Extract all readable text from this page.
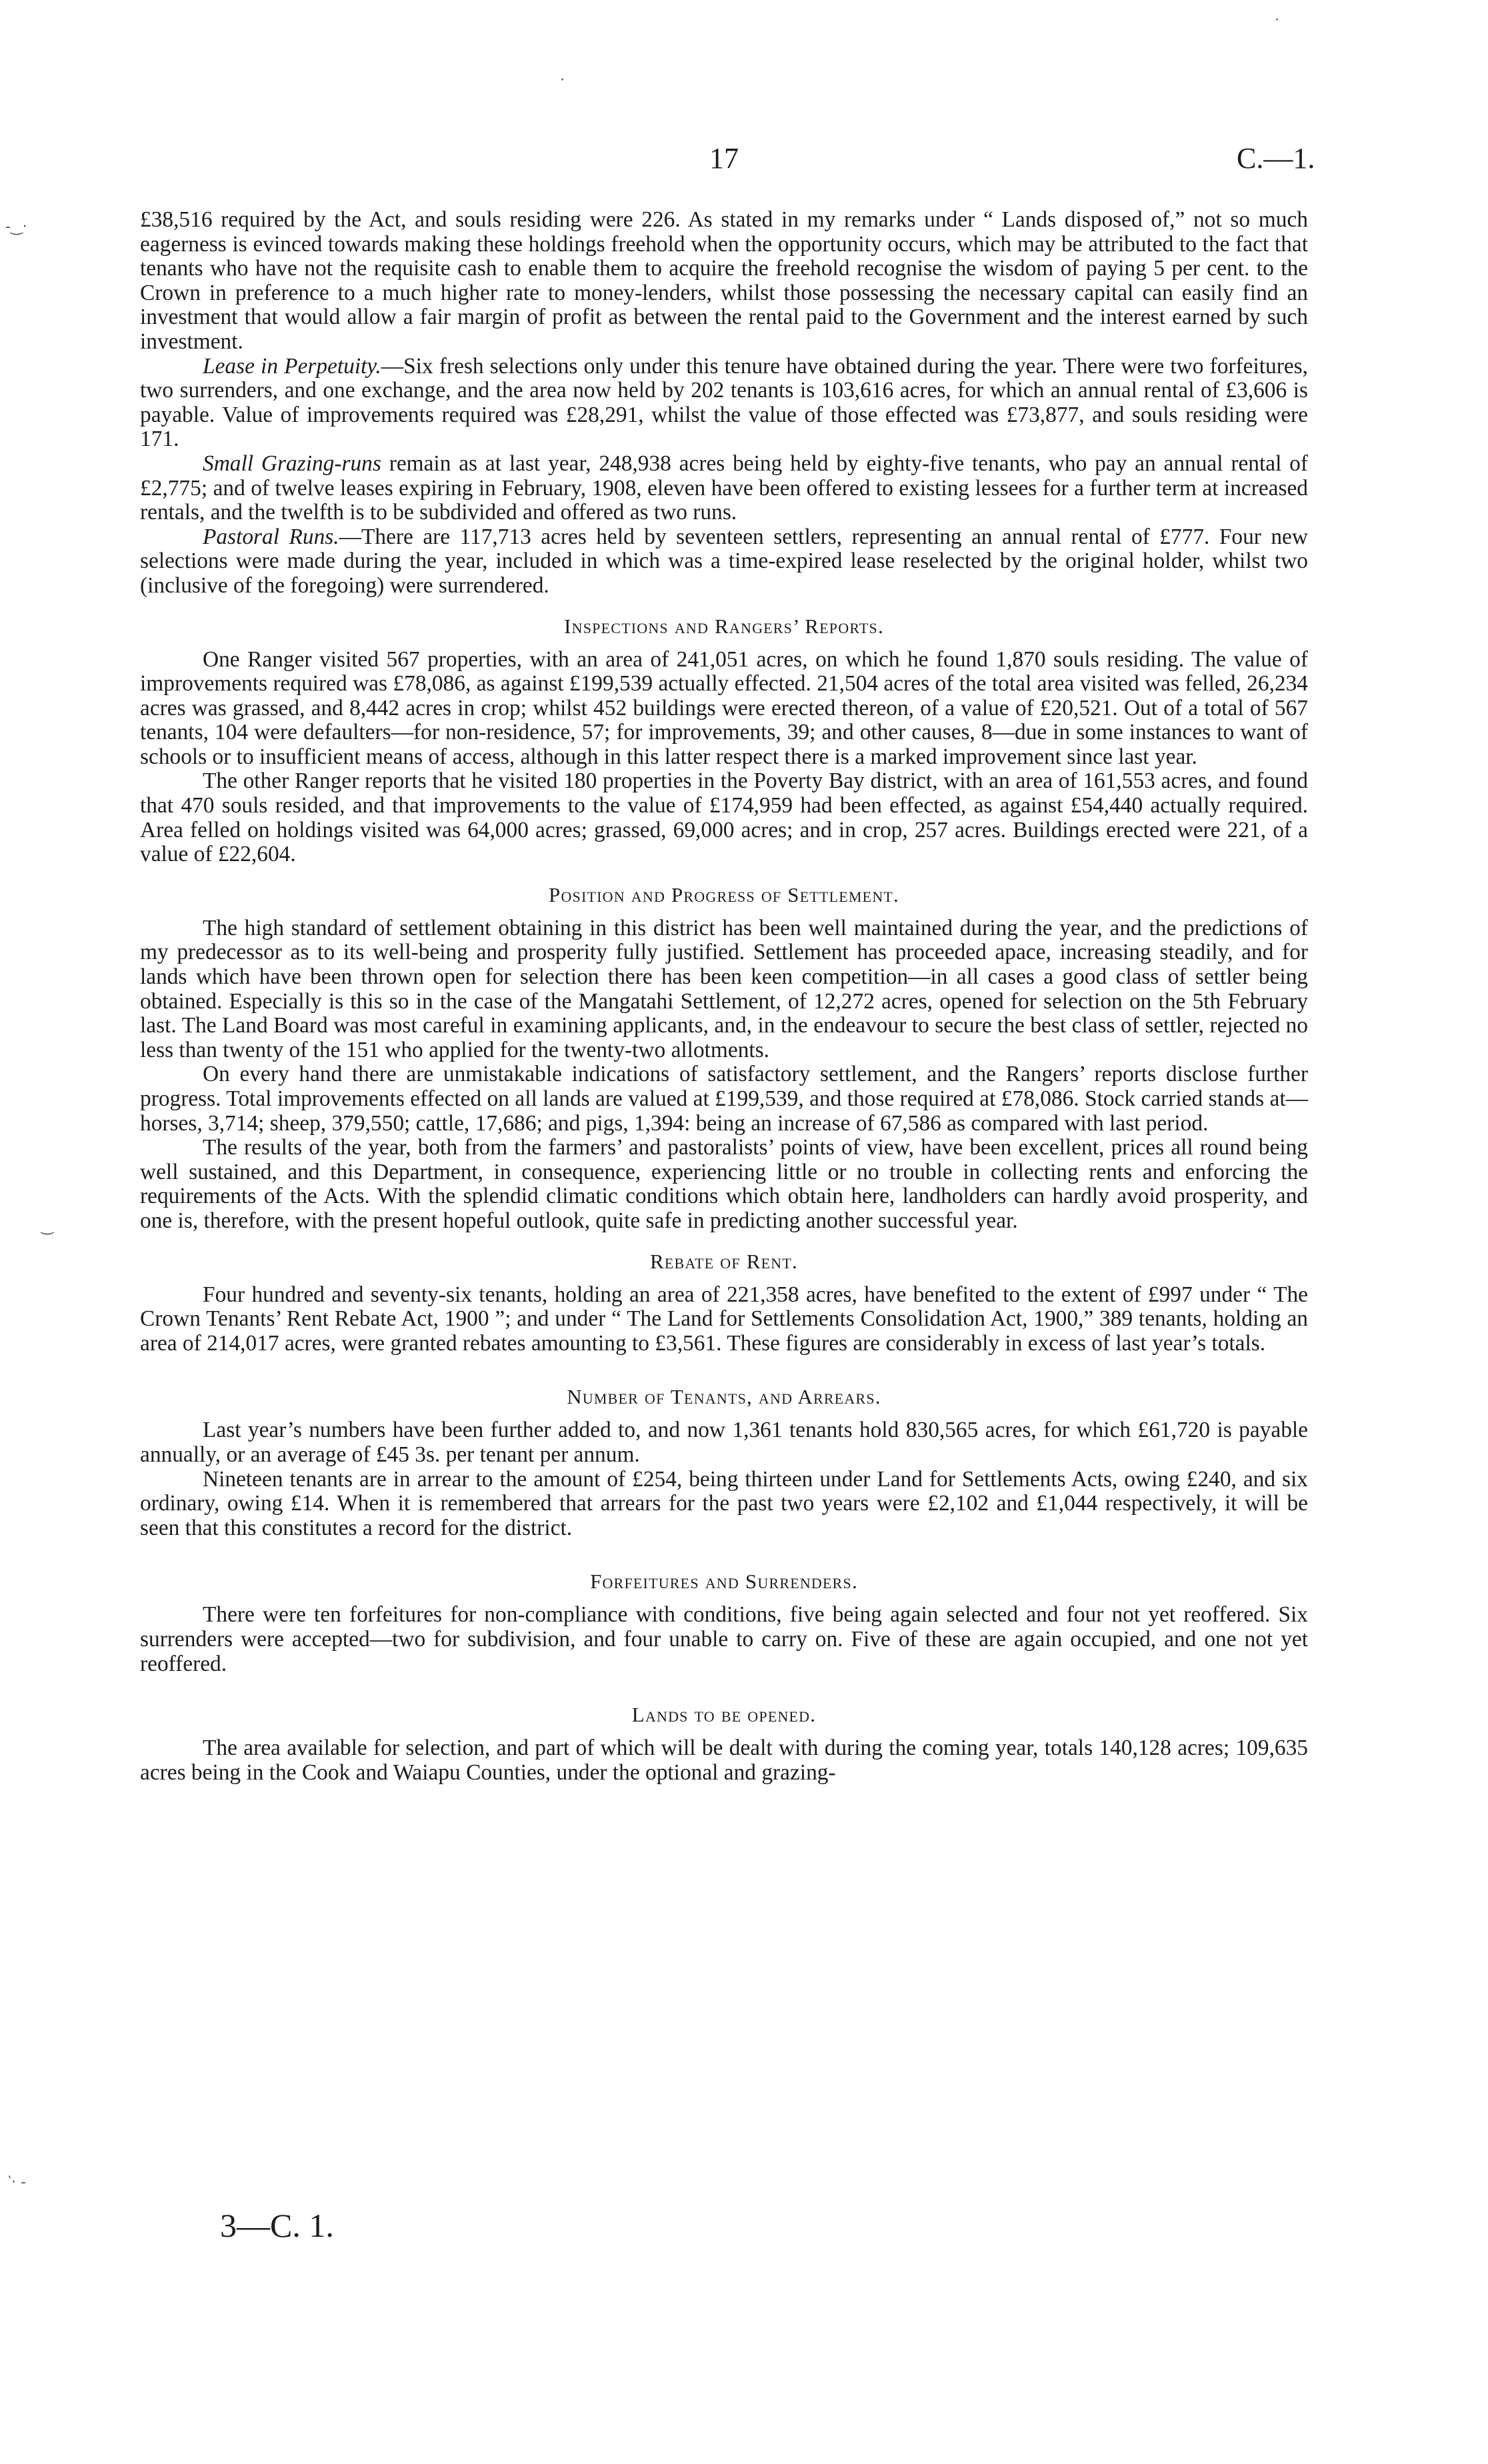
17	C.—1.
-‿·
‿
‵· -
·
·

£38,516 required by the Act, and souls residing were 226. As stated in my remarks under “ Lands disposed of,” not so much eagerness is evinced towards making these holdings freehold when the opportunity occurs, which may be attributed to the fact that tenants who have not the requisite cash to enable them to acquire the freehold recognise the wisdom of paying 5 per cent. to the Crown in preference to a much higher rate to money-lenders, whilst those possessing the necessary capital can easily find an investment that would allow a fair margin of profit as between the rental paid to the Government and the interest earned by such investment.

Lease in Perpetuity.—Six fresh selections only under this tenure have obtained during the year. There were two forfeitures, two surrenders, and one exchange, and the area now held by 202 tenants is 103,616 acres, for which an annual rental of £3,606 is payable. Value of improvements required was £28,291, whilst the value of those effected was £73,877, and souls residing were 171.

Small Grazing-runs remain as at last year, 248,938 acres being held by eighty-five tenants, who pay an annual rental of £2,775; and of twelve leases expiring in February, 1908, eleven have been offered to existing lessees for a further term at increased rentals, and the twelfth is to be subdivided and offered as two runs.

Pastoral Runs.—There are 117,713 acres held by seventeen settlers, representing an annual rental of £777. Four new selections were made during the year, included in which was a time-expired lease reselected by the original holder, whilst two (inclusive of the foregoing) were surrendered.

Inspections and Rangers’ Reports.

One Ranger visited 567 properties, with an area of 241,051 acres, on which he found 1,870 souls residing. The value of improvements required was £78,086, as against £199,539 actually effected. 21,504 acres of the total area visited was felled, 26,234 acres was grassed, and 8,442 acres in crop; whilst 452 buildings were erected thereon, of a value of £20,521. Out of a total of 567 tenants, 104 were defaulters—for non-residence, 57; for improvements, 39; and other causes, 8—due in some instances to want of schools or to insufficient means of access, although in this latter respect there is a marked improvement since last year.

The other Ranger reports that he visited 180 properties in the Poverty Bay district, with an area of 161,553 acres, and found that 470 souls resided, and that improvements to the value of £174,959 had been effected, as against £54,440 actually required. Area felled on holdings visited was 64,000 acres; grassed, 69,000 acres; and in crop, 257 acres. Buildings erected were 221, of a value of £22,604.

Position and Progress of Settlement.

The high standard of settlement obtaining in this district has been well maintained during the year, and the predictions of my predecessor as to its well-being and prosperity fully justified. Settlement has proceeded apace, increasing steadily, and for lands which have been thrown open for selection there has been keen competition—in all cases a good class of settler being obtained. Especially is this so in the case of the Mangatahi Settlement, of 12,272 acres, opened for selection on the 5th February last. The Land Board was most careful in examining applicants, and, in the endeavour to secure the best class of settler, rejected no less than twenty of the 151 who applied for the twenty-two allotments.

On every hand there are unmistakable indications of satisfactory settlement, and the Rangers’ reports disclose further progress. Total improvements effected on all lands are valued at £199,539, and those required at £78,086. Stock carried stands at—horses, 3,714; sheep, 379,550; cattle, 17,686; and pigs, 1,394: being an increase of 67,586 as compared with last period.

The results of the year, both from the farmers’ and pastoralists’ points of view, have been excellent, prices all round being well sustained, and this Department, in consequence, experiencing little or no trouble in collecting rents and enforcing the requirements of the Acts. With the splendid climatic conditions which obtain here, landholders can hardly avoid prosperity, and one is, therefore, with the present hopeful outlook, quite safe in predicting another successful year.

Rebate of Rent.

Four hundred and seventy-six tenants, holding an area of 221,358 acres, have benefited to the extent of £997 under “ The Crown Tenants’ Rent Rebate Act, 1900 ”; and under “ The Land for Settlements Consolidation Act, 1900,” 389 tenants, holding an area of 214,017 acres, were granted rebates amounting to £3,561. These figures are considerably in excess of last year’s totals.

Number of Tenants, and Arrears.

Last year’s numbers have been further added to, and now 1,361 tenants hold 830,565 acres, for which £61,720 is payable annually, or an average of £45 3s. per tenant per annum.

Nineteen tenants are in arrear to the amount of £254, being thirteen under Land for Settlements Acts, owing £240, and six ordinary, owing £14. When it is remembered that arrears for the past two years were £2,102 and £1,044 respectively, it will be seen that this constitutes a record for the district.

Forfeitures and Surrenders.

There were ten forfeitures for non-compliance with conditions, five being again selected and four not yet reoffered. Six surrenders were accepted—two for subdivision, and four unable to carry on. Five of these are again occupied, and one not yet reoffered.

Lands to be opened.

The area available for selection, and part of which will be dealt with during the coming year, totals 140,128 acres; 109,635 acres being in the Cook and Waiapu Counties, under the optional and grazing-

3—C. 1.
